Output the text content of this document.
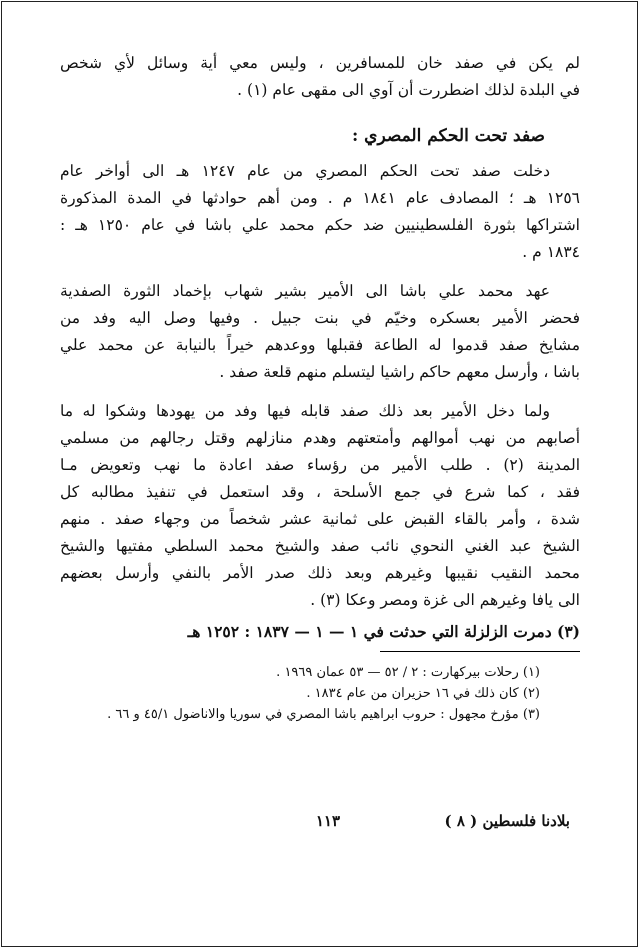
لم يكن في صفد خان للمسافرين ، وليس معي أية وسائل لأي شخص
في البلدة لذلك اضطررت أن آوي الى مقهى عام (١) .
صفد تحت الحكم المصري :
دخلت صفد تحت الحكم المصري من عام ١٢٤٧ هـ الى أواخر عام
١٢٥٦ هـ ؛ المصادف عام ١٨٤١ م . ومن أهم حوادثها في المدة المذكورة
اشتراكها بثورة الفلسطينيين ضد حكم محمد علي باشا في عام ١٢٥٠ هـ :
١٨٣٤ م .
عهد محمد علي باشا الى الأمير بشير شهاب بإخماد الثورة الصفدية
فحضر الأمير بعسكره وخيّم في بنت جبيل . وفيها وصل اليه وفد من
مشايخ صفد قدموا له الطاعة فقبلها ووعدهم خيراً بالنيابة عن محمد علي
باشا ، وأرسل معهم حاكم راشيا ليتسلم منهم قلعة صفد .
ولما دخل الأمير بعد ذلك صفد قابله فيها وفد من يهودها وشكوا له ما
أصابهم من نهب أموالهم وأمتعتهم وهدم منازلهم وقتل رجالهم من مسلمي
المدينة (٢) . طلب الأمير من رؤساء صفد اعادة ما نهب وتعويض مـا
فقد ، كما شرع في جمع الأسلحة ، وقد استعمل في تنفيذ مطالبه كل
شدة ، وأمر بالقاء القبض على ثمانية عشر شخصاً من وجهاء صفد . منهم
الشيخ عبد الغني النحوي نائب صفد والشيخ محمد السلطي مفتيها والشيخ
محمد النقيب نقيبها وغيرهم وبعد ذلك صدر الأمر بالنفي وأرسل بعضهم
الى يافا وغيرهم الى غزة ومصر وعكا (٣) .
(٣) دمرت الزلزلة التي حدثت في ١ — ١ — ١٨٣٧ : ١٢٥٢ هـ
(١) رحلات بيركهارت : ٢ / ٥٢ — ٥٣ عمان ١٩٦٩ .
(٢) كان ذلك في ١٦ حزيران من عام ١٨٣٤ .
(٣) مؤرخ مجهول : حروب ابراهيم باشا المصري في سوريا والاناضول ٤٥/١ و ٦٦ .
بلادنا فلسطين ( ٨ )
١١٣
